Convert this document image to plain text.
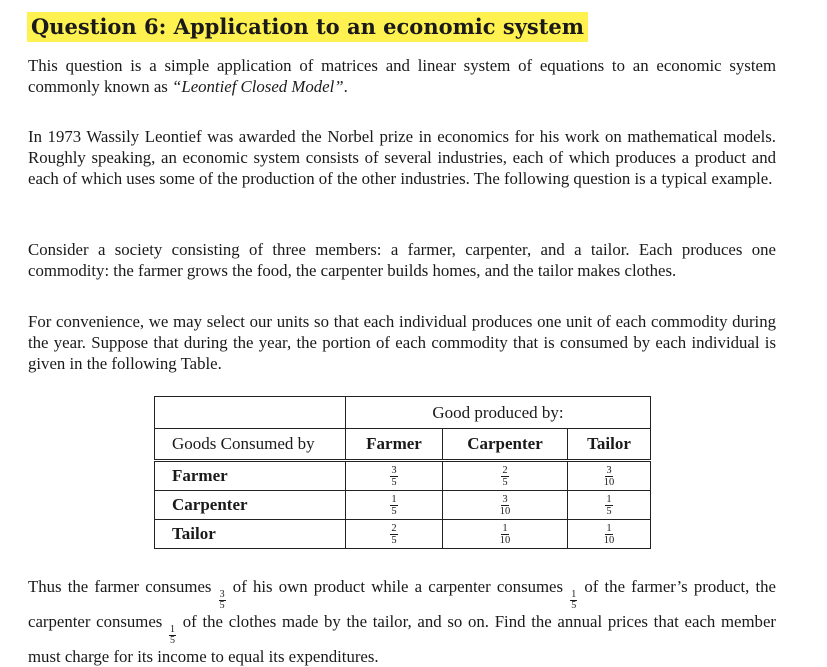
Question 6: Application to an economic system

This question is a simple application of matrices and linear system of equations to an economic system commonly known as “Leontief Closed Model”.

In 1973 Wassily Leontief was awarded the Norbel prize in economics for his work on mathematical models. Roughly speaking, an economic system consists of several industries, each of which produces a product and each of which uses some of the production of the other industries. The following question is a typical example.

Consider a society consisting of three members: a farmer, carpenter, and a tailor. Each produces one commodity: the farmer grows the food, the carpenter builds homes, and the tailor makes clothes.

For convenience, we may select our units so that each individual produces one unit of each commodity during the year. Suppose that during the year, the portion of each commodity that is consumed by each individual is given in the following Table.

	Good produced by:		
Goods Consumed by	Farmer	Carpenter	Tailor
Farmer	$\frac{3}{5}$	$\frac{2}{5}$	$\frac{3}{10}$

Carpenter	$\frac{1}{5}$	$\frac{3}{10}$	$\frac{1}{5}$

Tailor	$\frac{2}{5}$	$\frac{1}{10}$	$\frac{1}{10}$

Thus the farmer consumes
$\frac{3}{5}$
of his own product while a carpenter consumes
$\frac{1}{5}$
of the farmer’s product, the carpenter consumes
$\frac{1}{5}$
of the clothes made by the tailor, and so on. Find the annual prices that each member must charge for its income to equal its expenditures.
